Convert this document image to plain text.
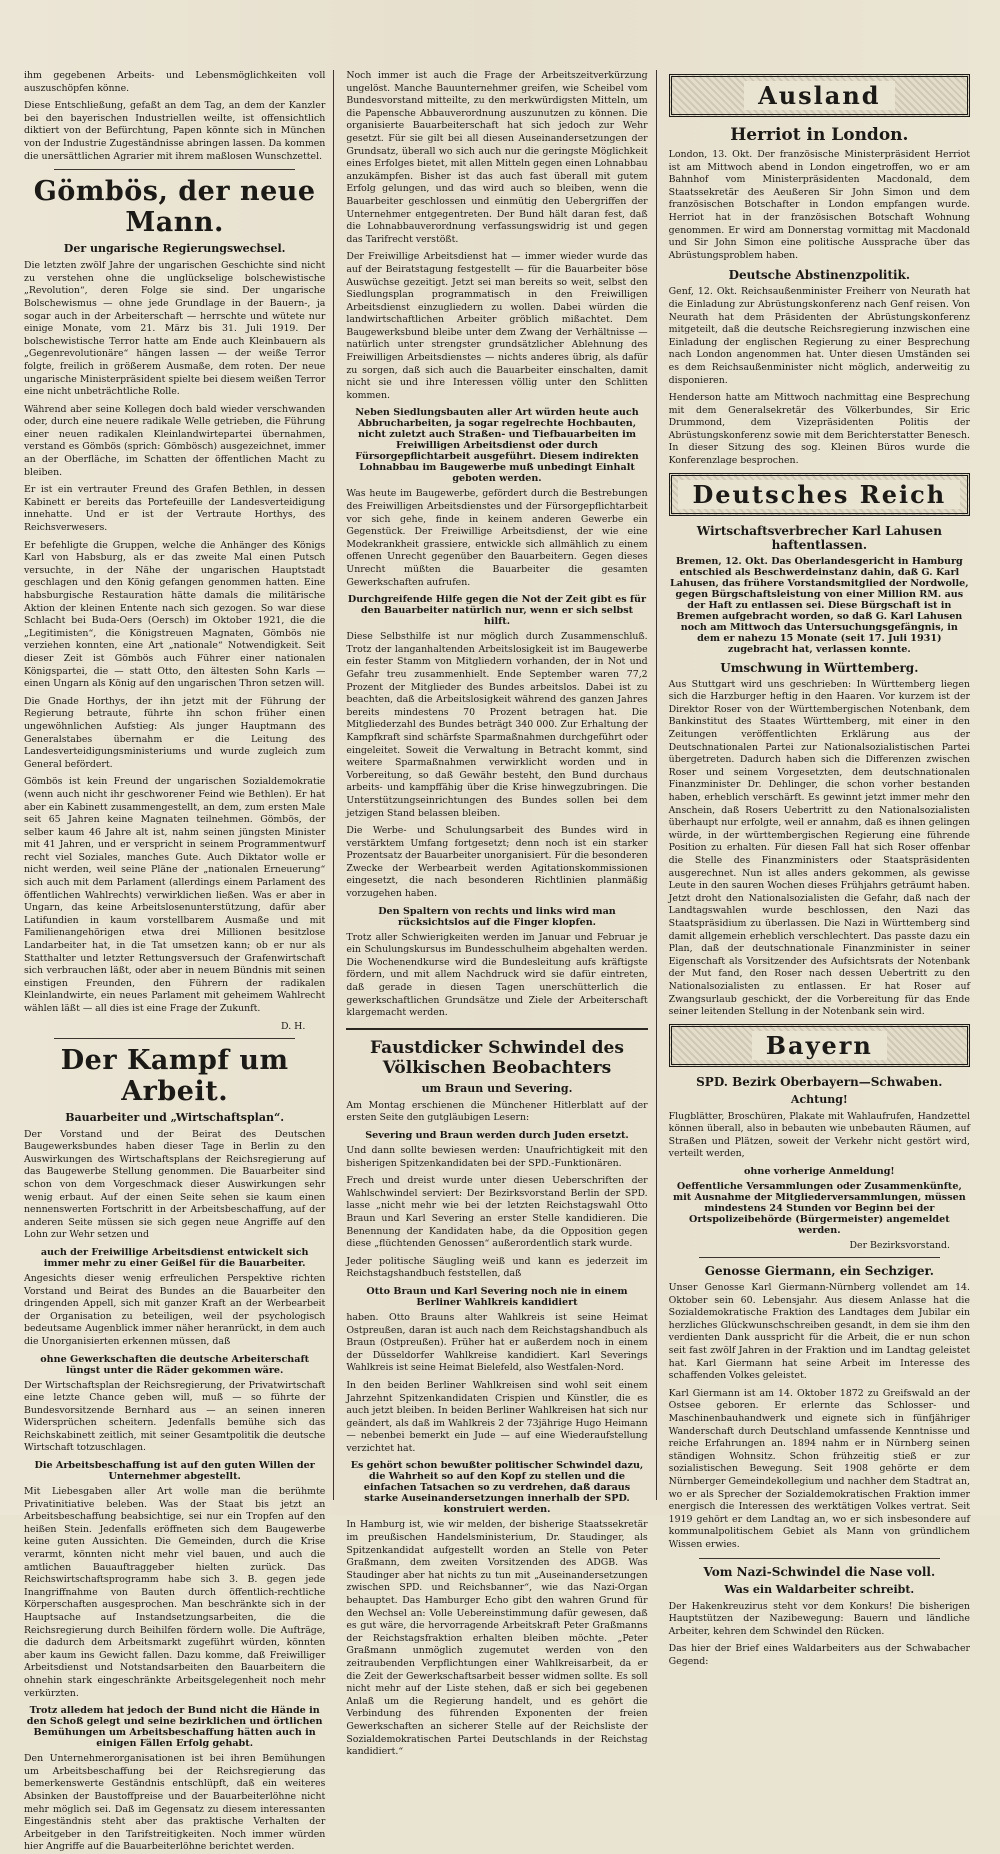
ihm gegebenen Arbeits- und Lebensmöglichkeiten voll auszuschöpfen könne.

Diese Entschließung, gefaßt an dem Tag, an dem der Kanzler bei den bayerischen Industriellen weilte, ist offensichtlich diktiert von der Befürchtung, Papen könnte sich in München von der Industrie Zugeständnisse abringen lassen. Da kommen die unersättlichen Agrarier mit ihrem maßlosen Wunschzettel.

Gömbös, der neue Mann.
Der ungarische Regierungswechsel.

Die letzten zwölf Jahre der ungarischen Geschichte sind nicht zu verstehen ohne die unglückselige bolschewistische „Revolution“, deren Folge sie sind. Der ungarische Bolschewismus — ohne jede Grundlage in der Bauern-, ja sogar auch in der Arbeiterschaft — herrschte und wütete nur einige Monate, vom 21. März bis 31. Juli 1919. Der bolschewistische Terror hatte am Ende auch Kleinbauern als „Gegenrevolutionäre“ hängen lassen — der weiße Terror folgte, freilich in größerem Ausmaße, dem roten. Der neue ungarische Ministerpräsident spielte bei diesem weißen Terror eine nicht unbeträchtliche Rolle.

Während aber seine Kollegen doch bald wieder verschwanden oder, durch eine neuere radikale Welle getrieben, die Führung einer neuen radikalen Kleinlandwirtepartei übernahmen, verstand es Gömbös (sprich: Gömbösch) ausgezeichnet, immer an der Oberfläche, im Schatten der öffentlichen Macht zu bleiben.

Er ist ein vertrauter Freund des Grafen Bethlen, in dessen Kabinett er bereits das Portefeuille der Landesverteidigung innehatte. Und er ist der Vertraute Horthys, des Reichsverwesers.

Er befehligte die Gruppen, welche die Anhänger des Königs Karl von Habsburg, als er das zweite Mal einen Putsch versuchte, in der Nähe der ungarischen Hauptstadt geschlagen und den König gefangen genommen hatten. Eine habsburgische Restauration hätte damals die militärische Aktion der kleinen Entente nach sich gezogen. So war diese Schlacht bei Buda-Oers (Oersch) im Oktober 1921, die die „Legitimisten“, die Königstreuen Magnaten, Gömbös nie verziehen konnten, eine Art „nationale“ Notwendigkeit. Seit dieser Zeit ist Gömbös auch Führer einer nationalen Königspartei, die — statt Otto, den ältesten Sohn Karls — einen Ungarn als König auf den ungarischen Thron setzen will.

Die Gnade Horthys, der ihn jetzt mit der Führung der Regierung betraute, führte ihn schon früher einen ungewöhnlichen Aufstieg: Als junger Hauptmann des Generalstabes übernahm er die Leitung des Landesverteidigungsministeriums und wurde zugleich zum General befördert.

Gömbös ist kein Freund der ungarischen Sozialdemokratie (wenn auch nicht ihr geschworener Feind wie Bethlen). Er hat aber ein Kabinett zusammengestellt, an dem, zum ersten Male seit 65 Jahren keine Magnaten teilnehmen. Gömbös, der selber kaum 46 Jahre alt ist, nahm seinen jüngsten Minister mit 41 Jahren, und er verspricht in seinem Programmentwurf recht viel Soziales, manches Gute. Auch Diktator wolle er nicht werden, weil seine Pläne der „nationalen Erneuerung“ sich auch mit dem Parlament (allerdings einem Parlament des öffentlichen Wahlrechts) verwirklichen ließen. Was er aber in Ungarn, das keine Arbeitslosenunterstützung, dafür aber Latifundien in kaum vorstellbarem Ausmaße und mit Familienangehörigen etwa drei Millionen besitzlose Landarbeiter hat, in die Tat umsetzen kann; ob er nur als Statthalter und letzter Rettungsversuch der Grafenwirtschaft sich verbrauchen läßt, oder aber in neuem Bündnis mit seinen einstigen Freunden, den Führern der radikalen Kleinlandwirte, ein neues Parlament mit geheimem Wahlrecht wählen läßt — all dies ist eine Frage der Zukunft.

D. H.
Der Kampf um Arbeit.
Bauarbeiter und „Wirtschaftsplan“.

Der Vorstand und der Beirat des Deutschen Baugewerksbundes haben dieser Tage in Berlin zu den Auswirkungen des Wirtschaftsplans der Reichsregierung auf das Baugewerbe Stellung genommen. Die Bauarbeiter sind schon von dem Vorgeschmack dieser Auswirkungen sehr wenig erbaut. Auf der einen Seite sehen sie kaum einen nennenswerten Fortschritt in der Arbeitsbeschaffung, auf der anderen Seite müssen sie sich gegen neue Angriffe auf den Lohn zur Wehr setzen und

auch der Freiwillige Arbeitsdienst entwickelt sich immer mehr zu einer Geißel für die Bauarbeiter.

Angesichts dieser wenig erfreulichen Perspektive richten Vorstand und Beirat des Bundes an die Bauarbeiter den dringenden Appell, sich mit ganzer Kraft an der Werbearbeit der Organisation zu beteiligen, weil der psychologisch bedeutsame Augenblick immer näher heranrückt, in dem auch die Unorganisierten erkennen müssen, daß

ohne Gewerkschaften die deutsche Arbeiterschaft lüngst unter die Räder gekommen wäre.

Der Wirtschaftsplan der Reichsregierung, der Privatwirtschaft eine letzte Chance geben will, muß — so führte der Bundesvorsitzende Bernhard aus — an seinen inneren Widersprüchen scheitern. Jedenfalls bemühe sich das Reichskabinett zeitlich, mit seiner Gesamtpolitik die deutsche Wirtschaft totzuschlagen.

Die Arbeitsbeschaffung ist auf den guten Willen der Unternehmer abgestellt.

Mit Liebesgaben aller Art wolle man die berühmte Privatinitiative beleben. Was der Staat bis jetzt an Arbeitsbeschaffung beabsichtige, sei nur ein Tropfen auf den heißen Stein. Jedenfalls eröffneten sich dem Baugewerbe keine guten Aussichten. Die Gemeinden, durch die Krise verarmt, könnten nicht mehr viel bauen, und auch die amtlichen Bauauftraggeber hielten zurück. Das Reichswirtschaftsprogramm habe sich 3. B. gegen jede Inangriffnahme von Bauten durch öffentlich-rechtliche Körperschaften ausgesprochen. Man beschränkte sich in der Hauptsache auf Instandsetzungsarbeiten, die die Reichsregierung durch Beihilfen fördern wolle. Die Aufträge, die dadurch dem Arbeitsmarkt zugeführt würden, könnten aber kaum ins Gewicht fallen. Dazu komme, daß Freiwilliger Arbeitsdienst und Notstandsarbeiten den Bauarbeitern die ohnehin stark eingeschränkte Arbeitsgelegenheit noch mehr verkürzten.

Trotz alledem hat jedoch der Bund nicht die Hände in den Schoß gelegt und seine bezirklichen und örtlichen Bemühungen um Arbeitsbeschaffung hätten auch in einigen Fällen Erfolg gehabt.

Den Unternehmerorganisationen ist bei ihren Bemühungen um Arbeitsbeschaffung bei der Reichsregierung das bemerkenswerte Geständnis entschlüpft, daß ein weiteres Absinken der Baustoffpreise und der Bauarbeiterlöhne nicht mehr möglich sei. Daß im Gegensatz zu diesem interessanten Eingeständnis steht aber das praktische Verhalten der Arbeitgeber in den Tarifstreitigkeiten. Noch immer würden hier Angriffe auf die Bauarbeiterlöhne berichtet werden.

Noch immer ist auch die Frage der Arbeitszeitverkürzung ungelöst. Manche Bauunternehmer greifen, wie Scheibel vom Bundesvorstand mitteilte, zu den merkwürdigsten Mitteln, um die Papensche Abbauverordnung auszunutzen zu können. Die organisierte Bauarbeiterschaft hat sich jedoch zur Wehr gesetzt. Für sie gilt bei all diesen Auseinandersetzungen der Grundsatz, überall wo sich auch nur die geringste Möglichkeit eines Erfolges bietet, mit allen Mitteln gegen einen Lohnabbau anzukämpfen. Bisher ist das auch fast überall mit gutem Erfolg gelungen, und das wird auch so bleiben, wenn die Bauarbeiter geschlossen und einmütig den Uebergriffen der Unternehmer entgegentreten. Der Bund hält daran fest, daß die Lohnabbauverordnung verfassungswidrig ist und gegen das Tarifrecht verstößt.

Der Freiwillige Arbeitsdienst hat — immer wieder wurde das auf der Beiratstagung festgestellt — für die Bauarbeiter böse Auswüchse gezeitigt. Jetzt sei man bereits so weit, selbst den Siedlungsplan programmatisch in den Freiwilligen Arbeitsdienst einzugliedern zu wollen. Dabei würden die landwirtschaftlichen Arbeiter gröblich mißachtet. Dem Baugewerksbund bleibe unter dem Zwang der Verhältnisse — natürlich unter strengster grundsätzlicher Ablehnung des Freiwilligen Arbeitsdienstes — nichts anderes übrig, als dafür zu sorgen, daß sich auch die Bauarbeiter einschalten, damit nicht sie und ihre Interessen völlig unter den Schlitten kommen.

Neben Siedlungsbauten aller Art würden heute auch Abbrucharbeiten, ja sogar regelrechte Hochbauten, nicht zuletzt auch Straßen- und Tiefbauarbeiten im Freiwilligen Arbeitsdienst oder durch Fürsorgepflichtarbeit ausgeführt. Diesem indirekten Lohnabbau im Baugewerbe muß unbedingt Einhalt geboten werden.

Was heute im Baugewerbe, gefördert durch die Bestrebungen des Freiwilligen Arbeitsdienstes und der Fürsorgepflichtarbeit vor sich gehe, finde in keinem anderen Gewerbe ein Gegenstück. Der Freiwillige Arbeitsdienst, der wie eine Modekrankheit grassiere, entwickle sich allmählich zu einem offenen Unrecht gegenüber den Bauarbeitern. Gegen dieses Unrecht müßten die Bauarbeiter die gesamten Gewerkschaften aufrufen.

Durchgreifende Hilfe gegen die Not der Zeit gibt es für den Bauarbeiter natürlich nur, wenn er sich selbst hilft.

Diese Selbsthilfe ist nur möglich durch Zusammenschluß. Trotz der langanhaltenden Arbeitslosigkeit ist im Baugewerbe ein fester Stamm von Mitgliedern vorhanden, der in Not und Gefahr treu zusammenhielt. Ende September waren 77,2 Prozent der Mitglieder des Bundes arbeitslos. Dabei ist zu beachten, daß die Arbeitslosigkeit während des ganzen Jahres bereits mindestens 70 Prozent betragen hat. Die Mitgliederzahl des Bundes beträgt 340 000. Zur Erhaltung der Kampfkraft sind schärfste Sparmaßnahmen durchgeführt oder eingeleitet. Soweit die Verwaltung in Betracht kommt, sind weitere Sparmaßnahmen verwirklicht worden und in Vorbereitung, so daß Gewähr besteht, den Bund durchaus arbeits- und kampffähig über die Krise hinwegzubringen. Die Unterstützungseinrichtungen des Bundes sollen bei dem jetzigen Stand belassen bleiben.

Die Werbe- und Schulungsarbeit des Bundes wird in verstärktem Umfang fortgesetzt; denn noch ist ein starker Prozentsatz der Bauarbeiter unorganisiert. Für die besonderen Zwecke der Werbearbeit werden Agitationskommissionen eingesetzt, die nach besonderen Richtlinien planmäßig vorzugehen haben.

Den Spaltern von rechts und links wird man rücksichtslos auf die Finger klopfen.

Trotz aller Schwierigkeiten werden im Januar und Februar je ein Schulungskursus im Bundesschulheim abgehalten werden. Die Wochenendkurse wird die Bundesleitung aufs kräftigste fördern, und mit allem Nachdruck wird sie dafür eintreten, daß gerade in diesen Tagen unerschütterlich die gewerkschaftlichen Grundsätze und Ziele der Arbeiterschaft klargemacht werden.

Faustdicker Schwindel des Völkischen Beobachters
um Braun und Severing.

Am Montag erschienen die Münchener Hitlerblatt auf der ersten Seite den gutgläubigen Lesern:

Severing und Braun werden durch Juden ersetzt.

Und dann sollte bewiesen werden: Unaufrichtigkeit mit den bisherigen Spitzenkandidaten bei der SPD.-Funktionären.

Frech und dreist wurde unter diesen Ueberschriften der Wahlschwindel serviert: Der Bezirksvorstand Berlin der SPD. lasse „nicht mehr wie bei der letzten Reichstagswahl Otto Braun und Karl Severing an erster Stelle kandidieren. Die Benennung der Kandidaten habe, da die Opposition gegen diese „flüchtenden Genossen“ außerordentlich stark wurde.

Jeder politische Säugling weiß und kann es jederzeit im Reichstagshandbuch feststellen, daß

Otto Braun und Karl Severing noch nie in einem Berliner Wahlkreis kandidiert

haben. Otto Brauns alter Wahlkreis ist seine Heimat Ostpreußen, daran ist auch nach dem Reichstagshandbuch als Braun (Ostpreußen). Früher hat er außerdem noch in einem der Düsseldorfer Wahlkreise kandidiert. Karl Severings Wahlkreis ist seine Heimat Bielefeld, also Westfalen-Nord.

In den beiden Berliner Wahlkreisen sind wohl seit einem Jahrzehnt Spitzenkandidaten Crispien und Künstler, die es auch jetzt bleiben. In beiden Berliner Wahlkreisen hat sich nur geändert, als daß im Wahlkreis 2 der 73jährige Hugo Heimann — nebenbei bemerkt ein Jude — auf eine Wiederaufstellung verzichtet hat.

Es gehört schon bewußter politischer Schwindel dazu, die Wahrheit so auf den Kopf zu stellen und die einfachen Tatsachen so zu verdrehen, daß daraus starke Auseinandersetzungen innerhalb der SPD. konstruiert werden.

In Hamburg ist, wie wir melden, der bisherige Staatssekretär im preußischen Handelsministerium, Dr. Staudinger, als Spitzenkandidat aufgestellt worden an Stelle von Peter Graßmann, dem zweiten Vorsitzenden des ADGB. Was Staudinger aber hat nichts zu tun mit „Auseinandersetzungen zwischen SPD. und Reichsbanner“, wie das Nazi-Organ behauptet. Das Hamburger Echo gibt den wahren Grund für den Wechsel an: Volle Uebereinstimmung dafür gewesen, daß es gut wäre, die hervorragende Arbeitskraft Peter Graßmanns der Reichstagsfraktion erhalten bleiben möchte. „Peter Graßmann unmöglich zugemutet werden von den zeitraubenden Verpflichtungen einer Wahlkreisarbeit, da er die Zeit der Gewerkschaftsarbeit besser widmen sollte. Es soll nicht mehr auf der Liste stehen, daß er sich bei gegebenen Anlaß um die Regierung handelt, und es gehört die Verbindung des führenden Exponenten der freien Gewerkschaften an sicherer Stelle auf der Reichsliste der Sozialdemokratischen Partei Deutschlands in der Reichstag kandidiert.“

Ausland
Herriot in London.

London, 13. Okt. Der französische Ministerpräsident Herriot ist am Mittwoch abend in London eingetroffen, wo er am Bahnhof vom Ministerpräsidenten Macdonald, dem Staatssekretär des Aeußeren Sir John Simon und dem französischen Botschafter in London empfangen wurde. Herriot hat in der französischen Botschaft Wohnung genommen. Er wird am Donnerstag vormittag mit Macdonald und Sir John Simon eine politische Aussprache über das Abrüstungsproblem haben.

Deutsche Abstinenzpolitik.

Genf, 12. Okt. Reichsaußenminister Freiherr von Neurath hat die Einladung zur Abrüstungskonferenz nach Genf reisen. Von Neurath hat dem Präsidenten der Abrüstungskonferenz mitgeteilt, daß die deutsche Reichsregierung inzwischen eine Einladung der englischen Regierung zu einer Besprechung nach London angenommen hat. Unter diesen Umständen sei es dem Reichsaußenminister nicht möglich, anderweitig zu disponieren.

Henderson hatte am Mittwoch nachmittag eine Besprechung mit dem Generalsekretär des Völkerbundes, Sir Eric Drummond, dem Vizepräsidenten Politis der Abrüstungskonferenz sowie mit dem Berichterstatter Benesch. In dieser Sitzung des sog. Kleinen Büros wurde die Konferenzlage besprochen.

Deutsches Reich
Wirtschaftsverbrecher Karl Lahusen haftentlassen.
Bremen, 12. Okt. Das Oberlandesgericht in Hamburg entschied als Beschwerdeinstanz dahin, daß G. Karl Lahusen, das frühere Vorstandsmitglied der Nordwolle, gegen Bürgschaftsleistung von einer Million RM. aus der Haft zu entlassen sei. Diese Bürgschaft ist in Bremen aufgebracht worden, so daß G. Karl Lahusen noch am Mittwoch das Untersuchungsgefängnis, in dem er nahezu 15 Monate (seit 17. Juli 1931) zugebracht hat, verlassen konnte.
Umschwung in Württemberg.

Aus Stuttgart wird uns geschrieben: In Württemberg liegen sich die Harzburger heftig in den Haaren. Vor kurzem ist der Direktor Roser von der Württembergischen Notenbank, dem Bankinstitut des Staates Württemberg, mit einer in den Zeitungen veröffentlichten Erklärung aus der Deutschnationalen Partei zur Nationalsozialistischen Partei übergetreten. Dadurch haben sich die Differenzen zwischen Roser und seinem Vorgesetzten, dem deutschnationalen Finanzminister Dr. Dehlinger, die schon vorher bestanden haben, erheblich verschärft. Es gewinnt jetzt immer mehr den Anschein, daß Rosers Uebertritt zu den Nationalsozialisten überhaupt nur erfolgte, weil er annahm, daß es ihnen gelingen würde, in der württembergischen Regierung eine führende Position zu erhalten. Für diesen Fall hat sich Roser offenbar die Stelle des Finanzministers oder Staatspräsidenten ausgerechnet. Nun ist alles anders gekommen, als gewisse Leute in den sauren Wochen dieses Frühjahrs geträumt haben. Jetzt droht den Nationalsozialisten die Gefahr, daß nach der Landtagswahlen wurde beschlossen, den Nazi das Staatspräsidium zu überlassen. Die Nazi in Württemberg sind damit allgemein erheblich verschlechtert. Das passte dazu ein Plan, daß der deutschnationale Finanzminister in seiner Eigenschaft als Vorsitzender des Aufsichtsrats der Notenbank der Mut fand, den Roser nach dessen Uebertritt zu den Nationalsozialisten zu entlassen. Er hat Roser auf Zwangsurlaub geschickt, der die Vorbereitung für das Ende seiner leitenden Stellung in der Notenbank sein wird.

Bayern
SPD. Bezirk Oberbayern—Schwaben.
Achtung!

Flugblätter, Broschüren, Plakate mit Wahlaufrufen, Handzettel können überall, also in bebauten wie unbebauten Räumen, auf Straßen und Plätzen, soweit der Verkehr nicht gestört wird, verteilt werden,

ohne vorherige Anmeldung!
Oeffentliche Versammlungen oder Zusammenkünfte, mit Ausnahme der Mitgliederversammlungen, müssen mindestens 24 Stunden vor Beginn bei der Ortspolizeibehörde (Bürgermeister) angemeldet werden.
Der Bezirksvorstand.
Genosse Giermann, ein Sechziger.

Unser Genosse Karl Giermann-Nürnberg vollendet am 14. Oktober sein 60. Lebensjahr. Aus diesem Anlasse hat die Sozialdemokratische Fraktion des Landtages dem Jubilar ein herzliches Glückwunschschreiben gesandt, in dem sie ihm den verdienten Dank ausspricht für die Arbeit, die er nun schon seit fast zwölf Jahren in der Fraktion und im Landtag geleistet hat. Karl Giermann hat seine Arbeit im Interesse des schaffenden Volkes geleistet.

Karl Giermann ist am 14. Oktober 1872 zu Greifswald an der Ostsee geboren. Er erlernte das Schlosser- und Maschinenbauhandwerk und eignete sich in fünfjähriger Wanderschaft durch Deutschland umfassende Kenntnisse und reiche Erfahrungen an. 1894 nahm er in Nürnberg seinen ständigen Wohnsitz. Schon frühzeitig stieß er zur sozialistischen Bewegung. Seit 1908 gehörte er dem Nürnberger Gemeindekollegium und nachher dem Stadtrat an, wo er als Sprecher der Sozialdemokratischen Fraktion immer energisch die Interessen des werktätigen Volkes vertrat. Seit 1919 gehört er dem Landtag an, wo er sich insbesondere auf kommunalpolitischem Gebiet als Mann von gründlichem Wissen erwies.

Vom Nazi-Schwindel die Nase voll.
Was ein Waldarbeiter schreibt.

Der Hakenkreuzirus steht vor dem Konkurs! Die bisherigen Hauptstützen der Nazibewegung: Bauern und ländliche Arbeiter, kehren dem Schwindel den Rücken.

Das hier der Brief eines Waldarbeiters aus der Schwabacher Gegend:
